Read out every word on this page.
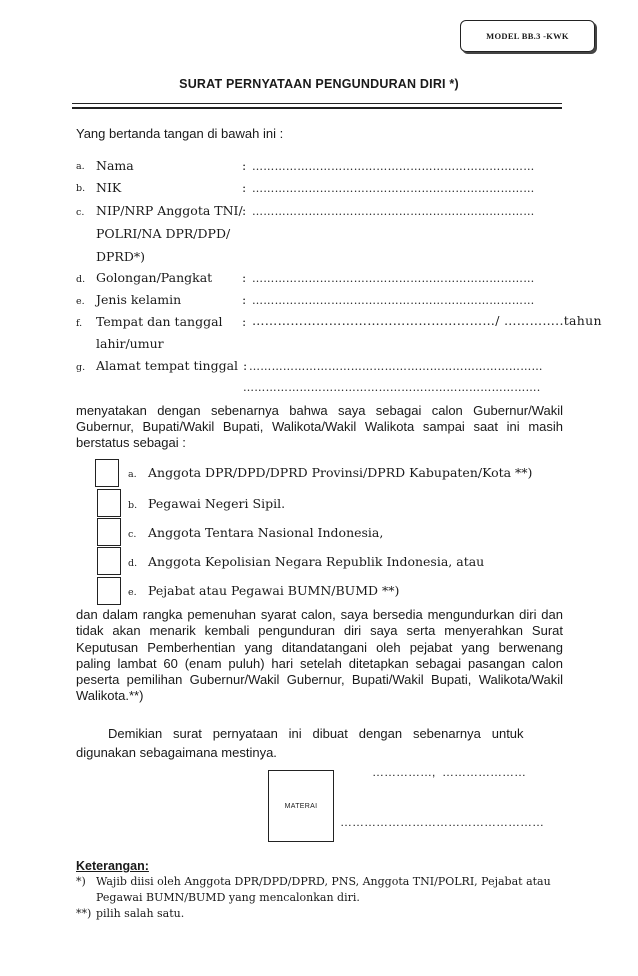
MODEL BB.3 -KWK
SURAT PERNYATAAN PENGUNDURAN DIRI *)
Yang bertanda tangan di bawah ini :
a. Nama	: …………………………………………………………………
b. NIK	: …………………………………………………………………
c. NIP/NRP Anggota TNI/
POLRI/NA DPR/DPD/
DPRD*)
: …………………………………………………………………
d. Golongan/Pangkat : …………………………………………………………………
e. Jenis kelamin	: …………………………………………………………………
f. Tempat dan tanggal
lahir/umur
: …………………………………………………/ …………..tahun
g. Alamat tempat tinggal : ……………………………………………………………………
…………………………………………………………………….
menyatakan dengan sebenarnya bahwa saya sebagai calon Gubernur/Wakil Gubernur, Bupati/Wakil Bupati, Walikota/Wakil Walikota sampai saat ini masih berstatus sebagai :
a. Anggota DPR/DPD/DPRD Provinsi/DPRD Kabupaten/Kota **)
b. Pegawai Negeri Sipil.
c. Anggota Tentara Nasional Indonesia,
d. Anggota Kepolisian Negara Republik Indonesia, atau
e. Pejabat atau Pegawai BUMN/BUMD **)
dan dalam rangka pemenuhan syarat calon, saya bersedia mengundurkan diri dan tidak akan menarik kembali pengunduran diri saya serta menyerahkan Surat Keputusan Pemberhentian yang ditandatangani oleh pejabat yang berwenang paling lambat 60 (enam puluh) hari setelah ditetapkan sebagai pasangan calon peserta pemilihan Gubernur/Wakil Gubernur, Bupati/Wakil Bupati, Walikota/Wakil Walikota.**)
Demikian   surat   pernyataan   ini   dibuat   dengan   sebenarnya   untuk
digunakan sebagaimana mestinya.
……………,  …………………
MATERAI
……………………………………………
Keterangan:
*) Wajib diisi oleh Anggota DPR/DPD/DPRD, PNS, Anggota TNI/POLRI, Pejabat atau
Pegawai BUMN/BUMD yang mencalonkan diri.
**) pilih salah satu.
